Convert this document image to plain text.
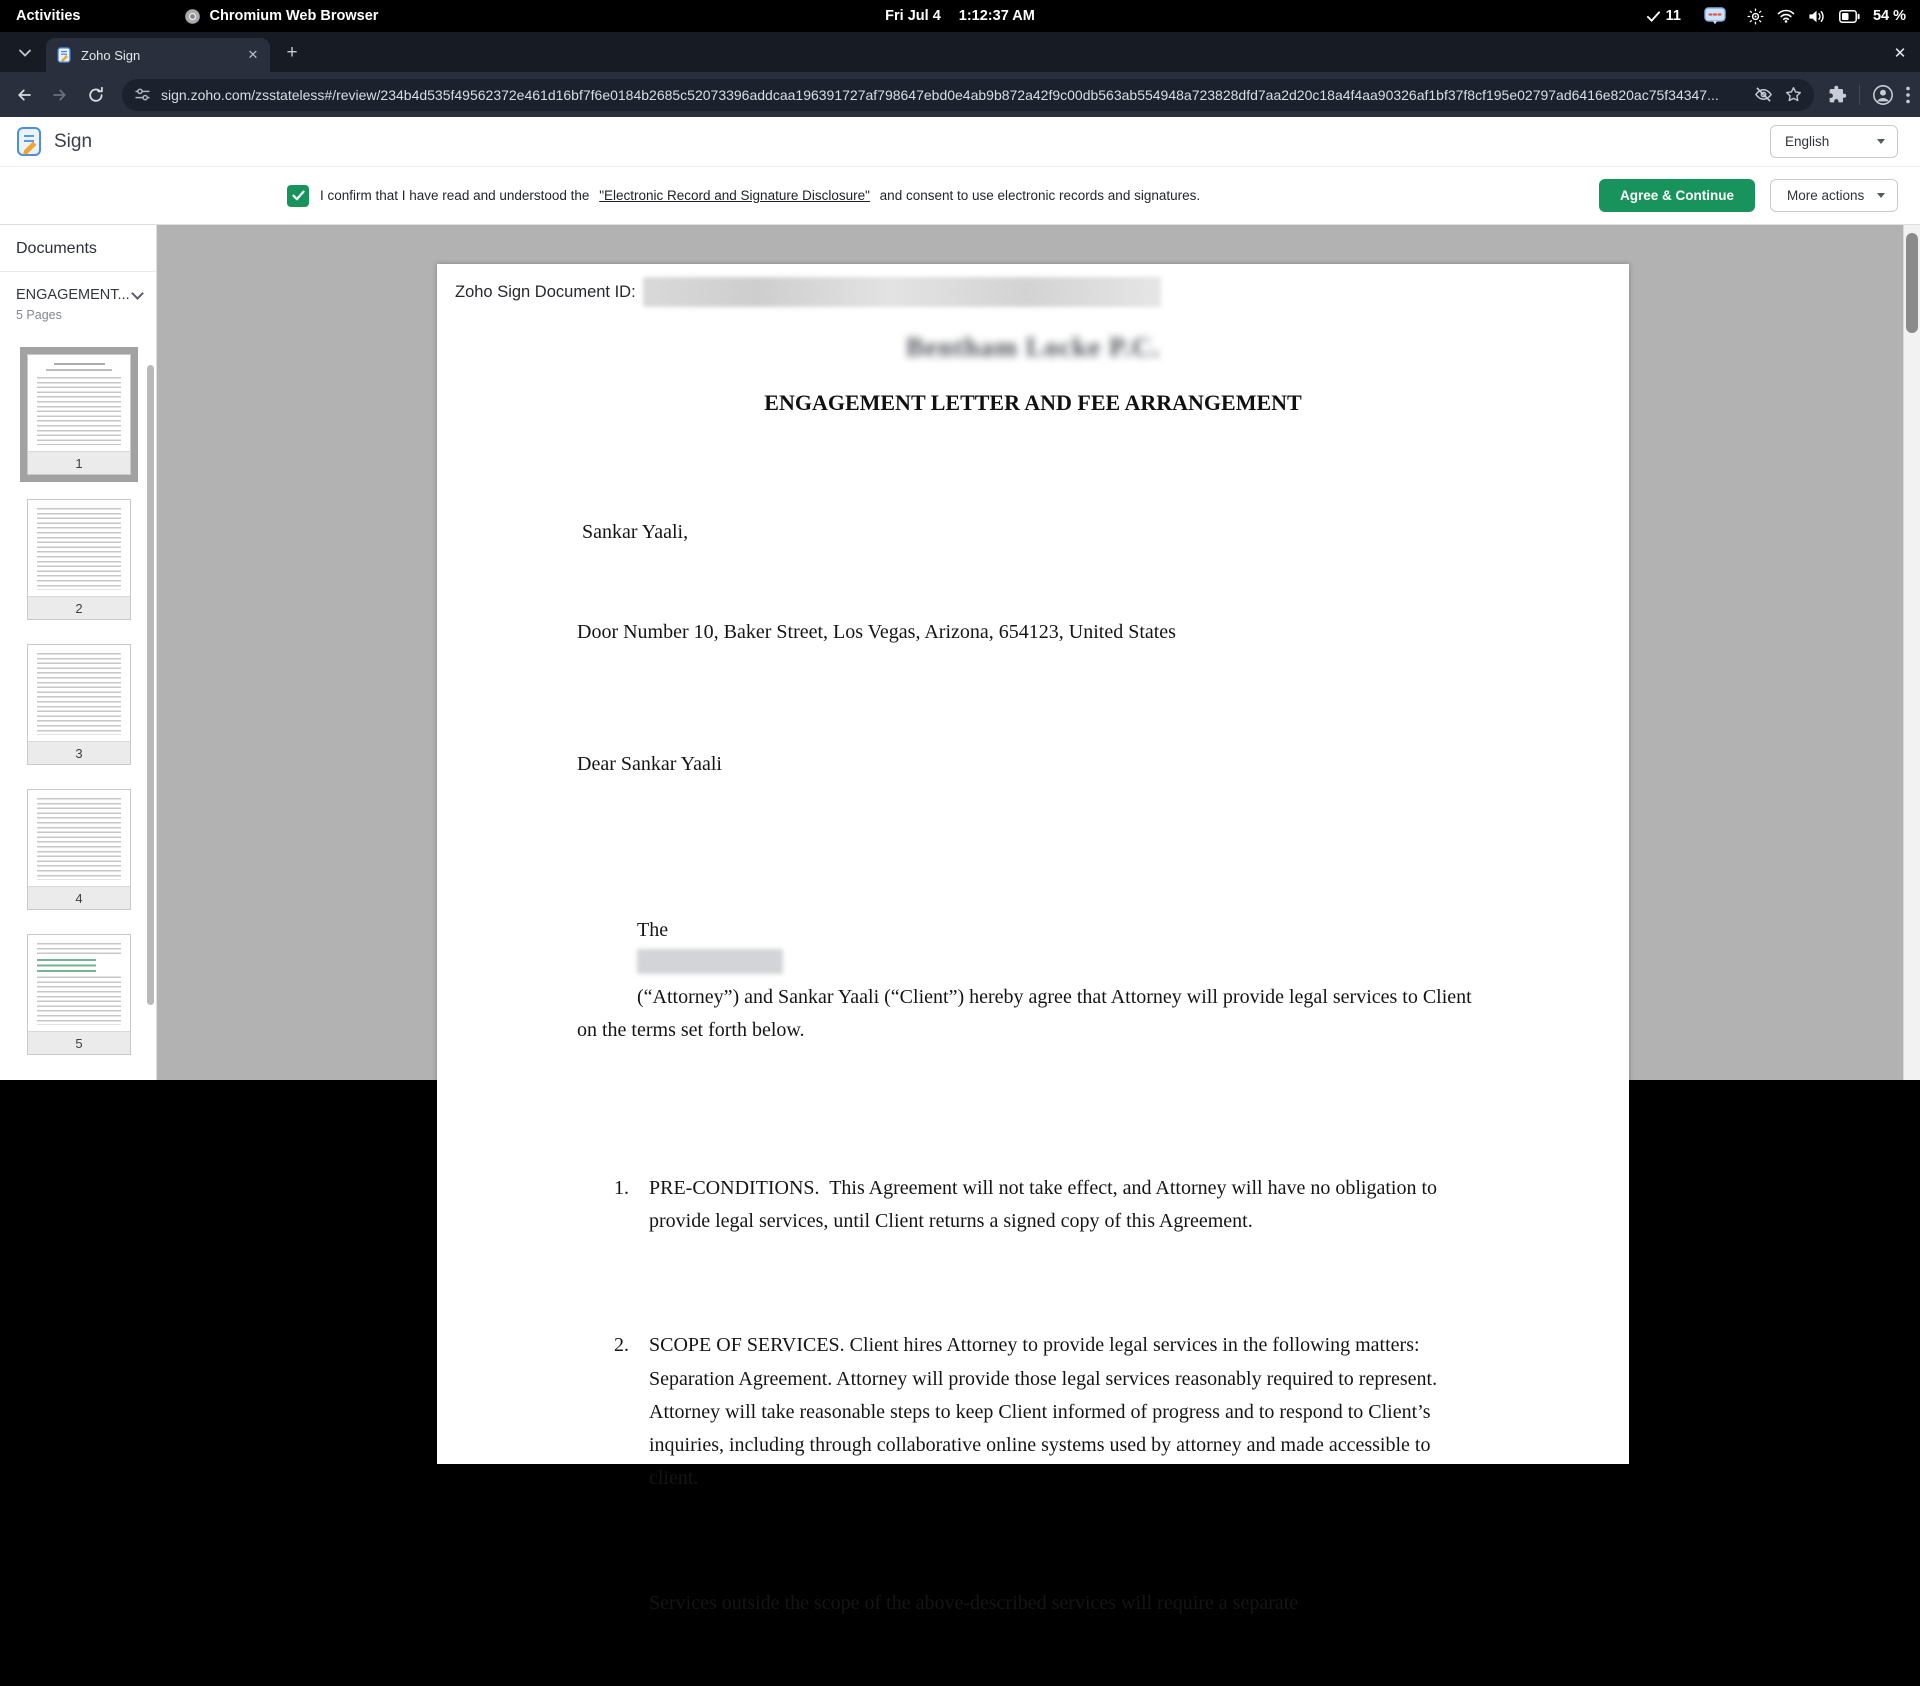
Activities	Chromium Web Browser	Fri Jul 4 1:12:37 AM	11	54 %
Zoho Sign	✕	+	✕
sign.zoho.com/zsstateless#/review/234b4d535f49562372e461d16bf7f6e0184b2685c52073396addcaa196391727af798647ebd0e4ab9b872a42f9c00db563ab554948a723828dfd7aa2d20c18a4f4aa90326af1bf37f8cf195e02797ad6416e820ac75f34347...
Sign	English
I confirm that I have read and understood the "Electronic Record and Signature Disclosure" and consent to use electronic records and signatures.	Agree & Continue	More actions
Documents
ENGAGEMENT...
5 Pages
1
2
3
4
5
Zoho Sign Document ID:
Bentham Locke P.C.
ENGAGEMENT LETTER AND FEE ARRANGEMENT

Sankar Yaali,

Door Number 10, Baker Street, Los Vegas, Arizona, 654123, United States

Dear Sankar Yaali

The

(“Attorney”) and Sankar Yaali (“Client”) hereby agree that Attorney will provide legal services to Client on the terms set forth below.

1.	PRE-CONDITIONS.  This Agreement will not take effect, and Attorney will have no obligation to provide legal services, until Client returns a signed copy of this Agreement.

2.	SCOPE OF SERVICES. Client hires Attorney to provide legal services in the following matters: Separation Agreement. Attorney will provide those legal services reasonably required to represent.  Attorney will take reasonable steps to keep Client informed of progress and to respond to Client’s inquiries, including through collaborative online systems used by attorney and made accessible to client.

Services outside the scope of the above-described services will require a separate
